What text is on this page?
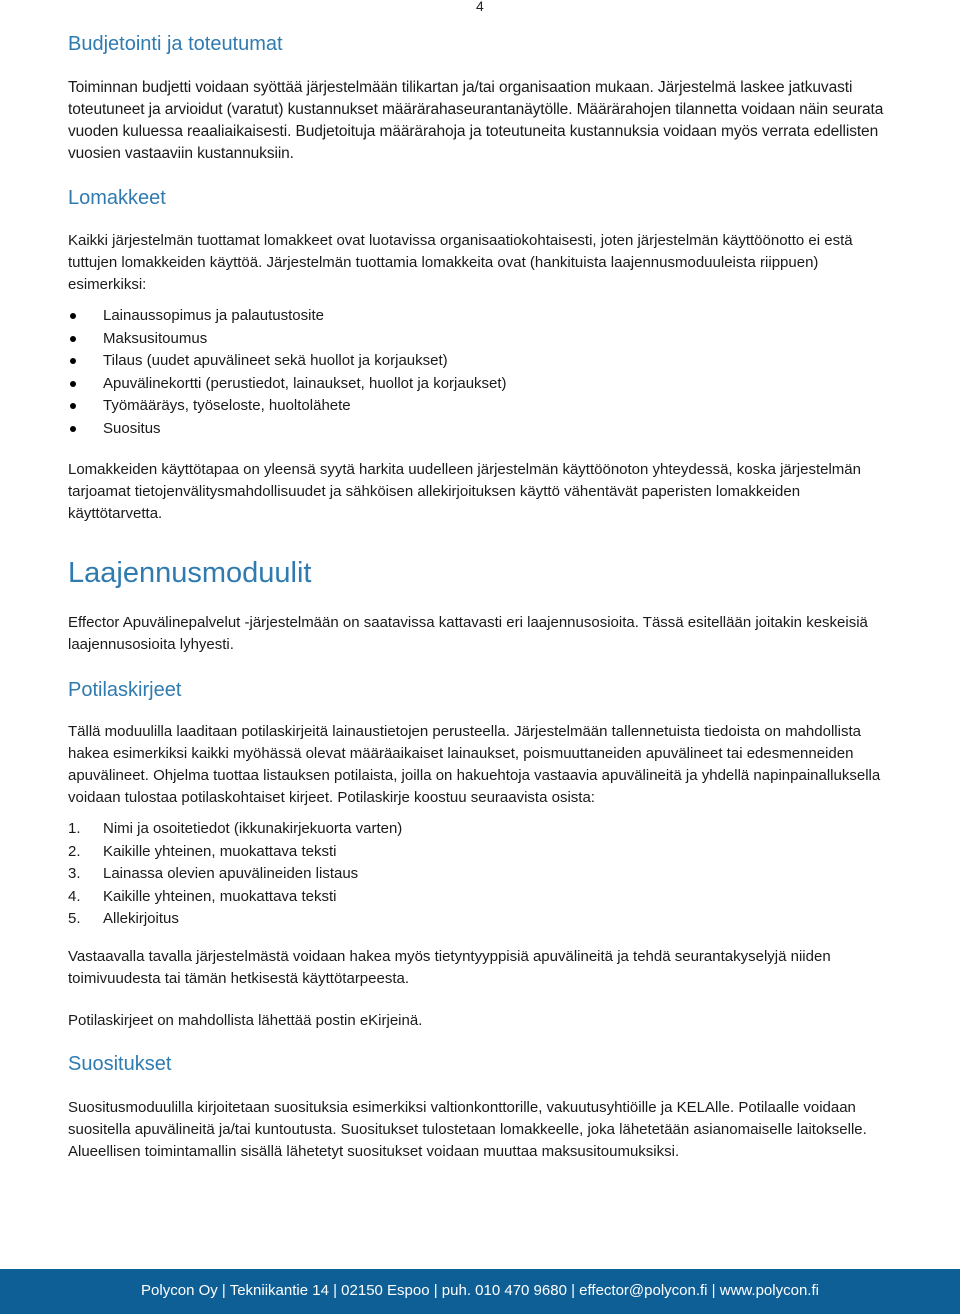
4
Budjetointi ja toteutumat

Toiminnan budjetti voidaan syöttää järjestelmään tilikartan ja/tai organisaation mukaan. Järjestelmä laskee jatkuvasti toteutuneet ja arvioidut (varatut) kustannukset määrärahaseurantanäytölle. Määrärahojen tilannetta voidaan näin seurata vuoden kuluessa reaaliaikaisesti. Budjetoituja määrärahoja ja toteutuneita kustannuksia voidaan myös verrata edellisten vuosien vastaaviin kustannuksiin.

Lomakkeet

Kaikki järjestelmän tuottamat lomakkeet ovat luotavissa organisaatiokohtaisesti, joten järjestelmän käyttöönotto ei estä tuttujen lomakkeiden käyttöä. Järjestelmän tuottamia lomakkeita ovat (hankituista laajennusmoduuleista riippuen) esimerkiksi:

Lainaussopimus ja palautustosite
Maksusitoumus
Tilaus (uudet apuvälineet sekä huollot ja korjaukset)
Apuvälinekortti (perustiedot, lainaukset, huollot ja korjaukset)
Työmääräys, työseloste, huoltolähete
Suositus

Lomakkeiden käyttötapaa on yleensä syytä harkita uudelleen järjestelmän käyttöönoton yhteydessä, koska järjestelmän tarjoamat tietojenvälitysmahdollisuudet ja sähköisen allekirjoituksen käyttö vähentävät paperisten lomakkeiden käyttötarvetta.

Laajennusmoduulit

Effector Apuvälinepalvelut -järjestelmään on saatavissa kattavasti eri laajennusosioita. Tässä esitellään joitakin keskeisiä laajennusosioita lyhyesti.

Potilaskirjeet

Tällä moduulilla laaditaan potilaskirjeitä lainaustietojen perusteella. Järjestelmään tallennetuista tiedoista on mahdollista hakea esimerkiksi kaikki myöhässä olevat määräaikaiset lainaukset, poismuuttaneiden apuvälineet tai edesmenneiden apuvälineet. Ohjelma tuottaa listauksen potilaista, joilla on hakuehtoja vastaavia apuvälineitä ja yhdellä napinpainalluksella voidaan tulostaa potilaskohtaiset kirjeet. Potilaskirje koostuu seuraavista osista:

1. Nimi ja osoitetiedot (ikkunakirjekuorta varten)
2. Kaikille yhteinen, muokattava teksti
3. Lainassa olevien apuvälineiden listaus
4. Kaikille yhteinen, muokattava teksti
5. Allekirjoitus

Vastaavalla tavalla järjestelmästä voidaan hakea myös tietyntyyppisiä apuvälineitä ja tehdä seurantakyselyjä niiden toimivuudesta tai tämän hetkisestä käyttötarpeesta.

Potilaskirjeet on mahdollista lähettää postin eKirjeinä.

Suositukset

Suositusmoduulilla kirjoitetaan suosituksia esimerkiksi valtionkonttorille, vakuutusyhtiöille ja KELAlle. Potilaalle voidaan suositella apuvälineitä ja/tai kuntoutusta. Suositukset tulostetaan lomakkeelle, joka lähetetään asianomaiselle laitokselle. Alueellisen toimintamallin sisällä lähetetyt suositukset voidaan muuttaa maksusitoumuksiksi.

Polycon Oy | Tekniikantie 14 | 02150 Espoo | puh. 010 470 9680 | effector@polycon.fi | www.polycon.fi
